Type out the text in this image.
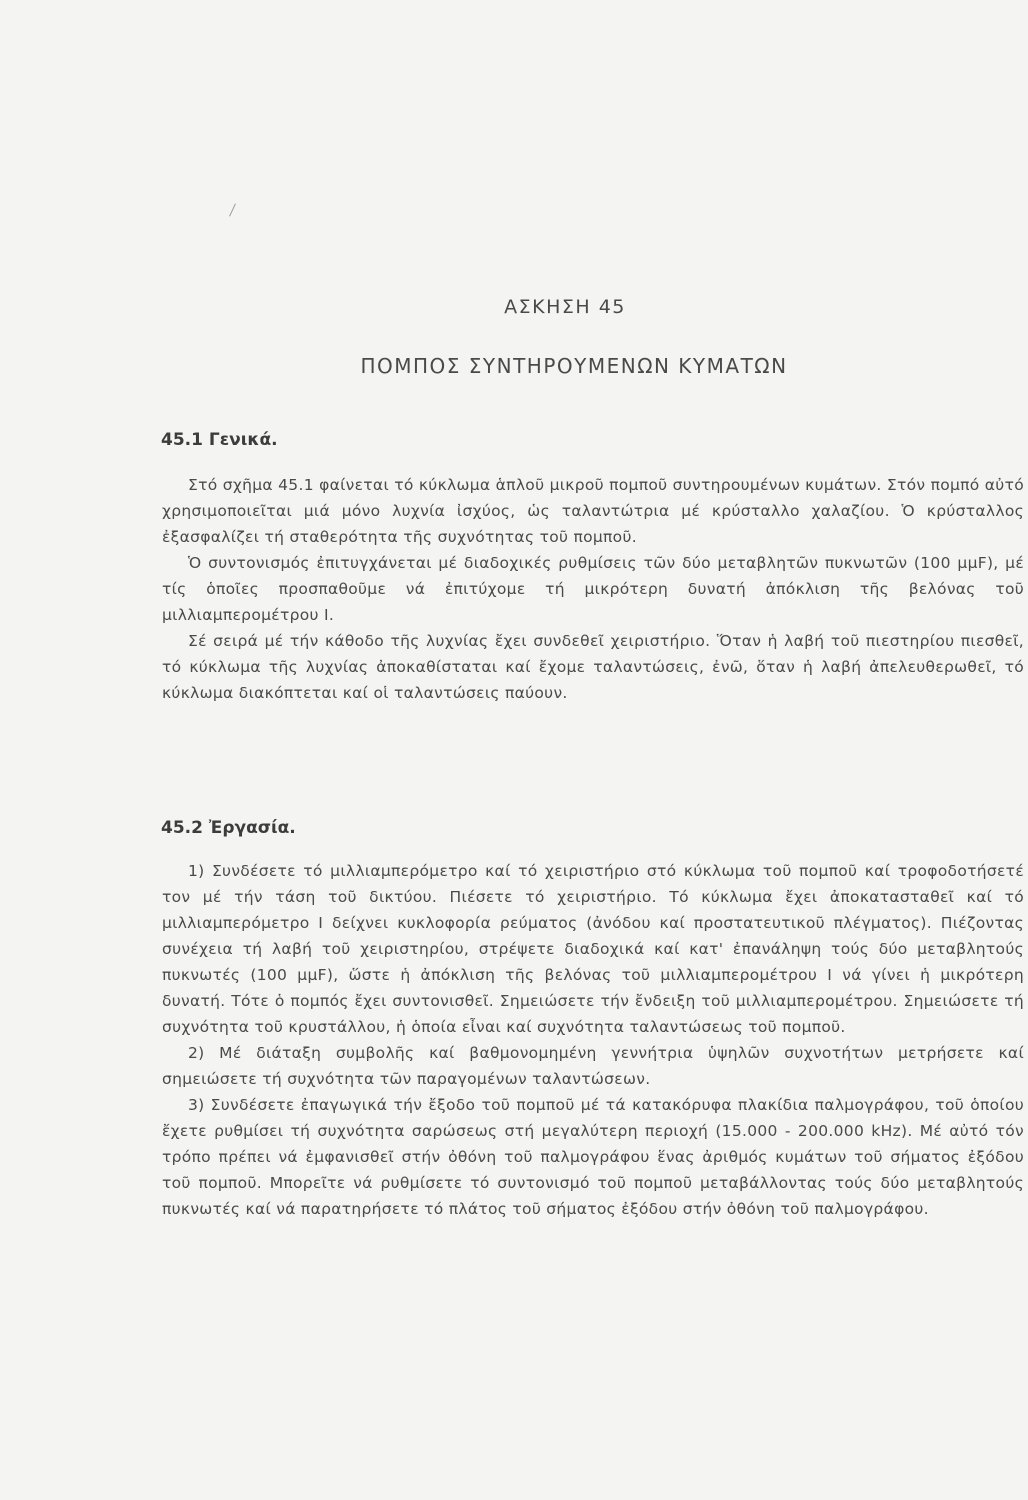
ΑΣΚΗΣΗ 45
ΠΟΜΠΟΣ ΣΥΝΤΗΡΟΥΜΕΝΩΝ ΚΥΜΑΤΩΝ
45.1 Γενικά.

Στό σχῆμα 45.1 φαίνεται τό κύκλωμα ἁπλοῦ μικροῦ πομποῦ συντηρουμένων κυμάτων. Στόν πομπό αὐτό χρησιμοποιεῖται μιά μόνο λυχνία ἰσχύος, ὡς ταλαντώτρια μέ κρύσταλλο χαλαζίου. Ὁ κρύσταλλος ἐξασφαλίζει τή σταθερότητα τῆς συχνότητας τοῦ πομποῦ.

Ὁ συντονισμός ἐπιτυγχάνεται μέ διαδοχικές ρυθμίσεις τῶν δύο μεταβλητῶν πυκνωτῶν (100 μμF), μέ τίς ὁποῖες προσπαθοῦμε νά ἐπιτύχομε τή μικρότερη δυνατή ἀπόκλιση τῆς βελόνας τοῦ μιλλιαμπερομέτρου I.

Σέ σειρά μέ τήν κάθοδο τῆς λυχνίας ἔχει συνδεθεῖ χειριστήριο. Ὅταν ἡ λαβή τοῦ πιεστηρίου πιεσθεῖ, τό κύκλωμα τῆς λυχνίας ἀποκαθίσταται καί ἔχομε ταλαντώσεις, ἐνῶ, ὅταν ἡ λαβή ἀπελευθερωθεῖ, τό κύκλωμα διακόπτεται καί οἱ ταλαντώσεις παύουν.

45.2 Ἐργασία.

1) Συνδέσετε τό μιλλιαμπερόμετρο καί τό χειριστήριο στό κύκλωμα τοῦ πομποῦ καί τροφοδοτήσετέ τον μέ τήν τάση τοῦ δικτύου. Πιέσετε τό χειριστήριο. Τό κύκλωμα ἔχει ἀποκατασταθεῖ καί τό μιλλιαμπερόμετρο I δείχνει κυκλοφορία ρεύματος (ἀνόδου καί προστατευτικοῦ πλέγματος). Πιέζοντας συνέχεια τή λαβή τοῦ χειριστηρίου, στρέψετε διαδοχικά καί κατ' ἐπανάληψη τούς δύο μεταβλητούς πυκνωτές (100 μμF), ὥστε ἡ ἀπόκλιση τῆς βελόνας τοῦ μιλλιαμπερομέτρου I νά γίνει ἡ μικρότερη δυνατή. Τότε ὁ πομπός ἔχει συντονισθεῖ. Σημειώσετε τήν ἔνδειξη τοῦ μιλλιαμπερομέτρου. Σημειώσετε τή συχνότητα τοῦ κρυστάλλου, ἡ ὁποία εἶναι καί συχνότητα ταλαντώσεως τοῦ πομποῦ.

2) Μέ διάταξη συμβολῆς καί βαθμονομημένη γεννήτρια ὑψηλῶν συχνοτήτων μετρήσετε καί σημειώσετε τή συχνότητα τῶν παραγομένων ταλαντώσεων.

3) Συνδέσετε ἐπαγωγικά τήν ἔξοδο τοῦ πομποῦ μέ τά κατακόρυφα πλακίδια παλμογράφου, τοῦ ὁποίου ἔχετε ρυθμίσει τή συχνότητα σαρώσεως στή μεγαλύτερη περιοχή (15.000 - 200.000 kHz). Μέ αὐτό τόν τρόπο πρέπει νά ἐμφανισθεῖ στήν ὀθόνη τοῦ παλμογράφου ἕνας ἀριθμός κυμάτων τοῦ σήματος ἐξόδου τοῦ πομποῦ. Μπορεῖτε νά ρυθμίσετε τό συντονισμό τοῦ πομποῦ μεταβάλλοντας τούς δύο μεταβλητούς πυκνωτές καί νά παρατηρήσετε τό πλάτος τοῦ σήματος ἐξόδου στήν ὀθόνη τοῦ παλμογράφου.
